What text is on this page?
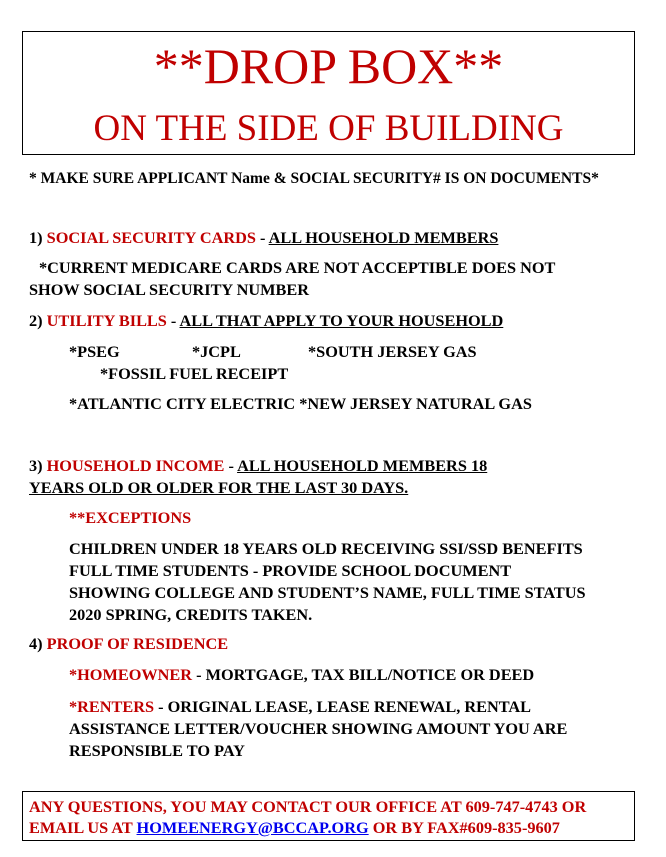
**DROP BOX**
ON THE SIDE OF BUILDING
* MAKE SURE APPLICANT Name & SOCIAL SECURITY# IS ON DOCUMENTS*
1) SOCIAL SECURITY CARDS - ALL HOUSEHOLD MEMBERS
*CURRENT MEDICARE CARDS ARE NOT ACCEPTIBLE DOES NOT
SHOW SOCIAL SECURITY NUMBER
2) UTILITY BILLS - ALL THAT APPLY TO YOUR HOUSEHOLD
*PSEG	*JCPL	*SOUTH JERSEY GAS
*FOSSIL FUEL RECEIPT
*ATLANTIC CITY ELECTRIC *NEW JERSEY NATURAL GAS
3) HOUSEHOLD INCOME - ALL HOUSEHOLD MEMBERS 18
YEARS OLD OR OLDER FOR THE LAST 30 DAYS.
**EXCEPTIONS
CHILDREN UNDER 18 YEARS OLD RECEIVING SSI/SSD BENEFITS
FULL TIME STUDENTS - PROVIDE SCHOOL DOCUMENT
SHOWING COLLEGE AND STUDENT’S NAME, FULL TIME STATUS
2020 SPRING, CREDITS TAKEN.
4) PROOF OF RESIDENCE
*HOMEOWNER - MORTGAGE, TAX BILL/NOTICE OR DEED
*RENTERS - ORIGINAL LEASE, LEASE RENEWAL, RENTAL
ASSISTANCE LETTER/VOUCHER SHOWING AMOUNT YOU ARE
RESPONSIBLE TO PAY
ANY QUESTIONS, YOU MAY CONTACT OUR OFFICE AT 609-747-4743 OR
EMAIL US AT HOMEENERGY@BCCAP.ORG OR BY FAX#609-835-9607
